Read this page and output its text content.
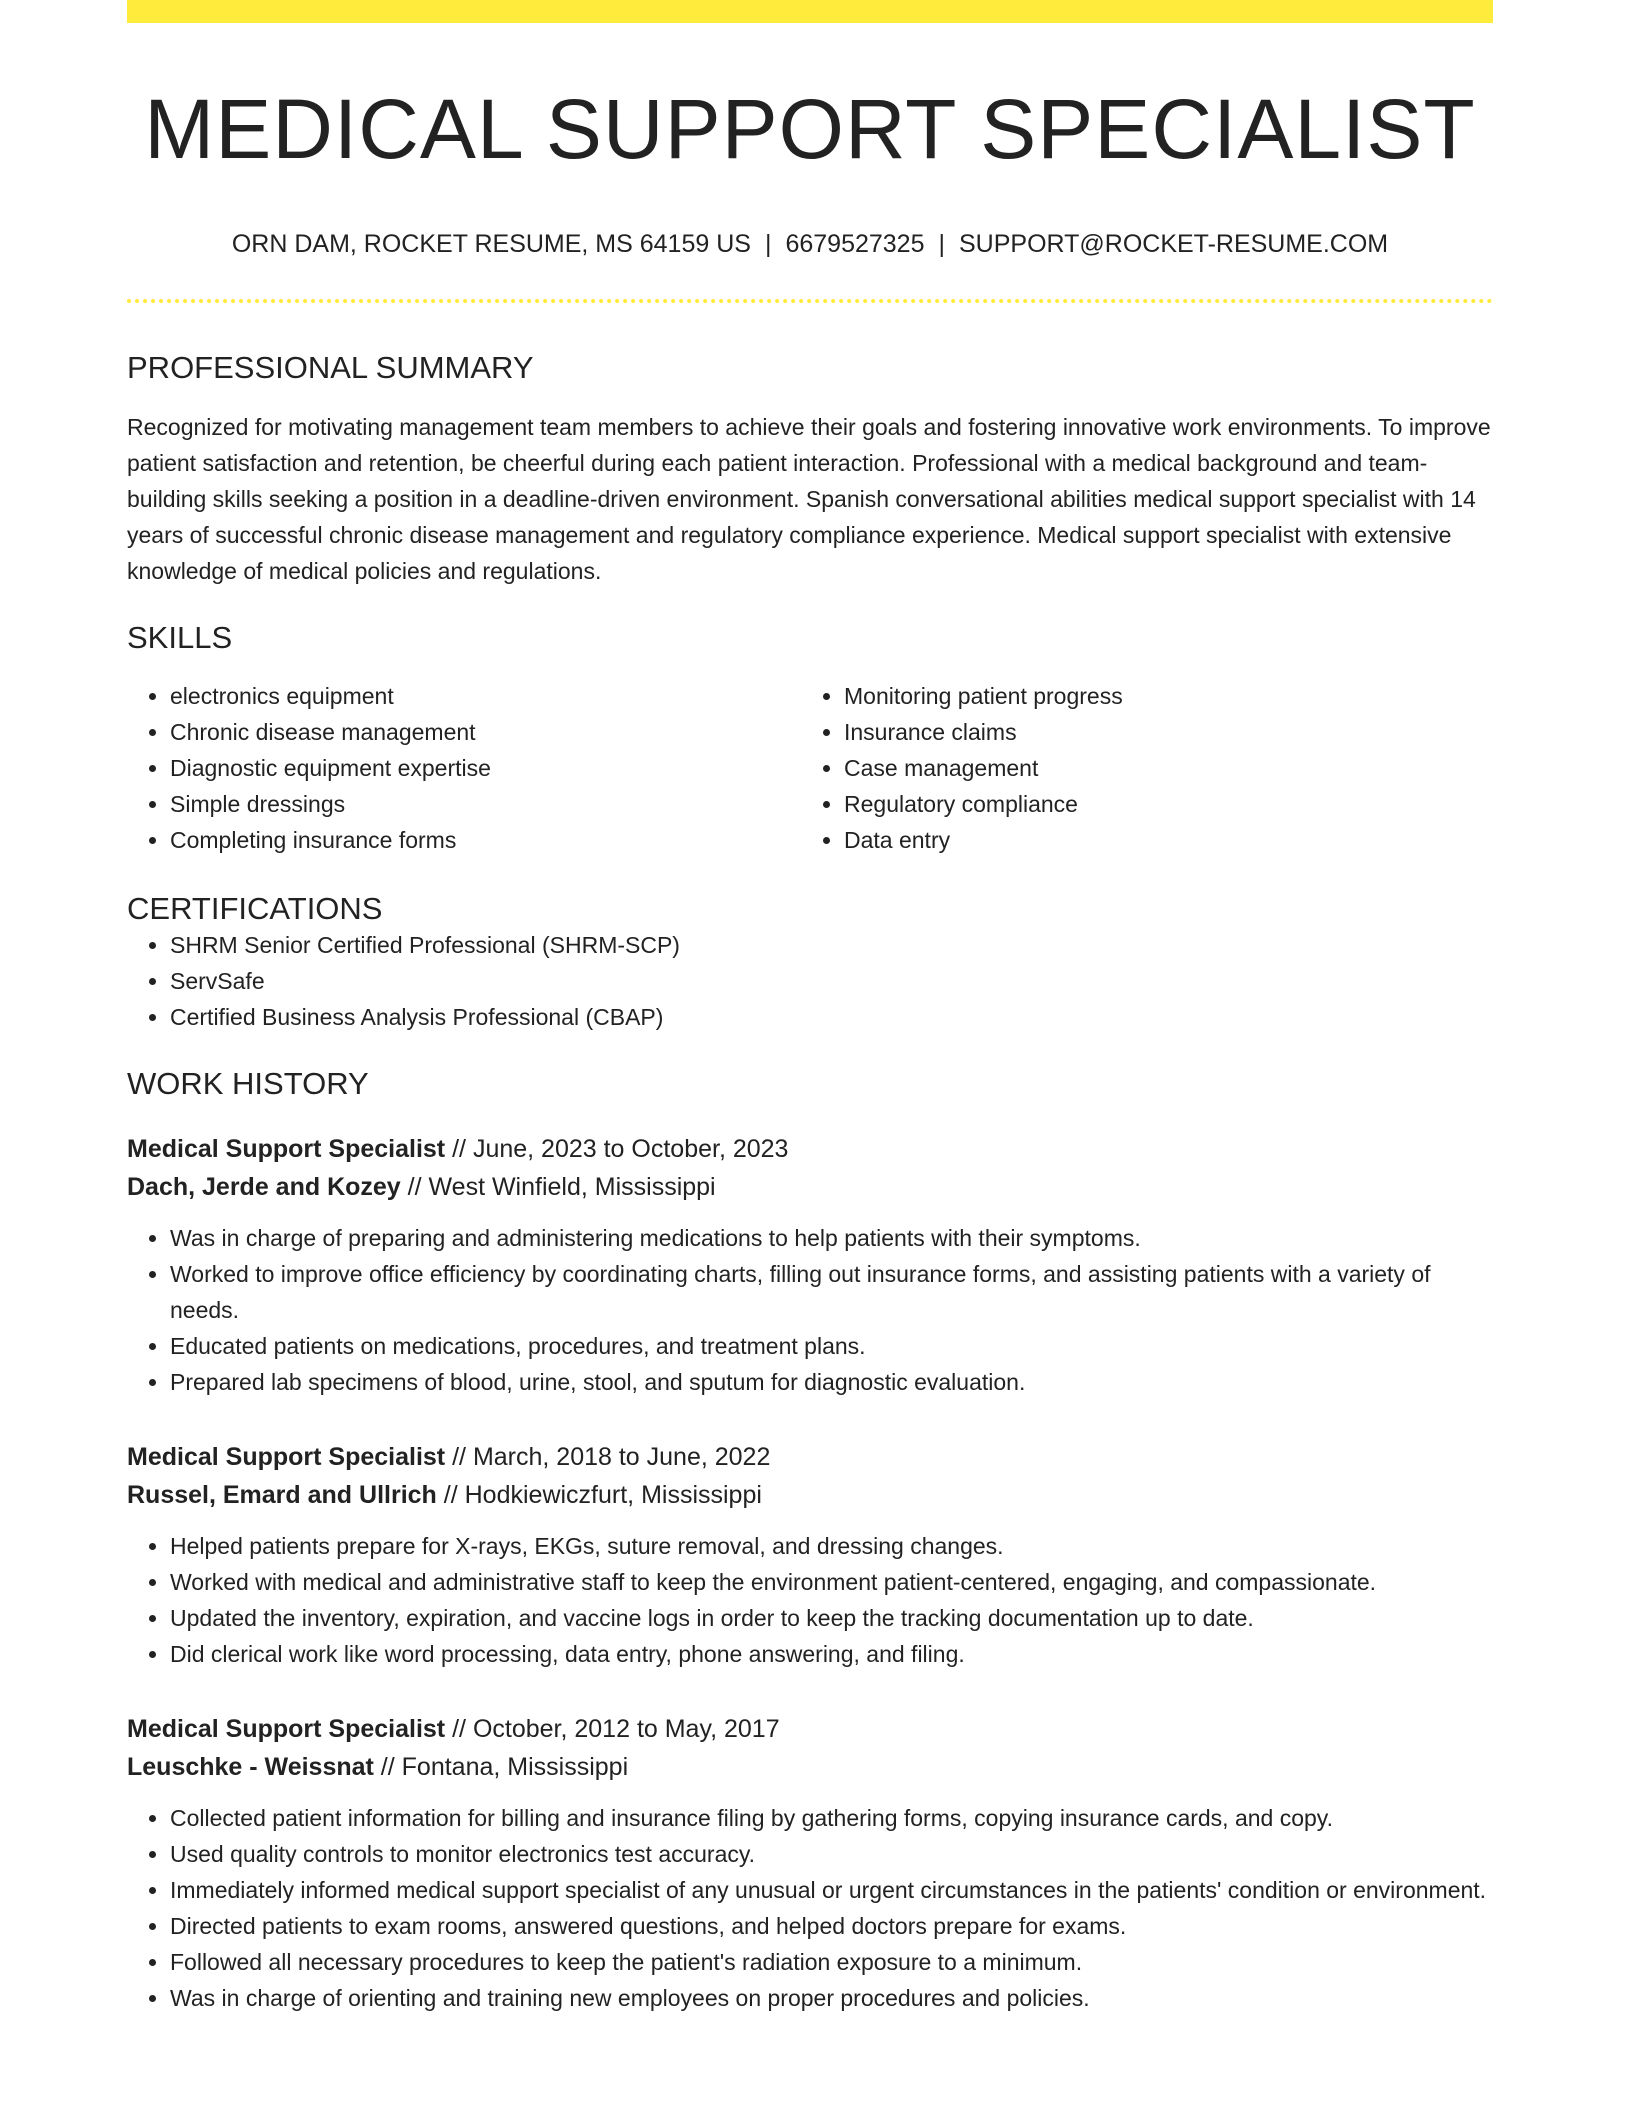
MEDICAL SUPPORT SPECIALIST
ORN DAM, ROCKET RESUME, MS 64159 US | 6679527325 | SUPPORT@ROCKET-RESUME.COM
PROFESSIONAL SUMMARY

Recognized for motivating management team members to achieve their goals and fostering innovative work environments. To improve patient satisfaction and retention, be cheerful during each patient interaction. Professional with a medical background and team-building skills seeking a position in a deadline-driven environment. Spanish conversational abilities medical support specialist with 14 years of successful chronic disease management and regulatory compliance experience. Medical support specialist with extensive knowledge of medical policies and regulations.

SKILLS
• electronics equipment
• Chronic disease management
• Diagnostic equipment expertise
• Simple dressings
• Completing insurance forms
• Monitoring patient progress
• Insurance claims
• Case management
• Regulatory compliance
• Data entry
CERTIFICATIONS
• SHRM Senior Certified Professional (SHRM-SCP)
• ServSafe
• Certified Business Analysis Professional (CBAP)
WORK HISTORY
Medical Support Specialist // June, 2023 to October, 2023
Dach, Jerde and Kozey // West Winfield, Mississippi
• Was in charge of preparing and administering medications to help patients with their symptoms.
• Worked to improve office efficiency by coordinating charts, filling out insurance forms, and assisting patients with a variety of needs.
• Educated patients on medications, procedures, and treatment plans.
• Prepared lab specimens of blood, urine, stool, and sputum for diagnostic evaluation.
Medical Support Specialist // March, 2018 to June, 2022
Russel, Emard and Ullrich // Hodkiewiczfurt, Mississippi
• Helped patients prepare for X-rays, EKGs, suture removal, and dressing changes.
• Worked with medical and administrative staff to keep the environment patient-centered, engaging, and compassionate.
• Updated the inventory, expiration, and vaccine logs in order to keep the tracking documentation up to date.
• Did clerical work like word processing, data entry, phone answering, and filing.
Medical Support Specialist // October, 2012 to May, 2017
Leuschke - Weissnat // Fontana, Mississippi
• Collected patient information for billing and insurance filing by gathering forms, copying insurance cards, and copy.
• Used quality controls to monitor electronics test accuracy.
• Immediately informed medical support specialist of any unusual or urgent circumstances in the patients' condition or environment.
• Directed patients to exam rooms, answered questions, and helped doctors prepare for exams.
• Followed all necessary procedures to keep the patient's radiation exposure to a minimum.
• Was in charge of orienting and training new employees on proper procedures and policies.
